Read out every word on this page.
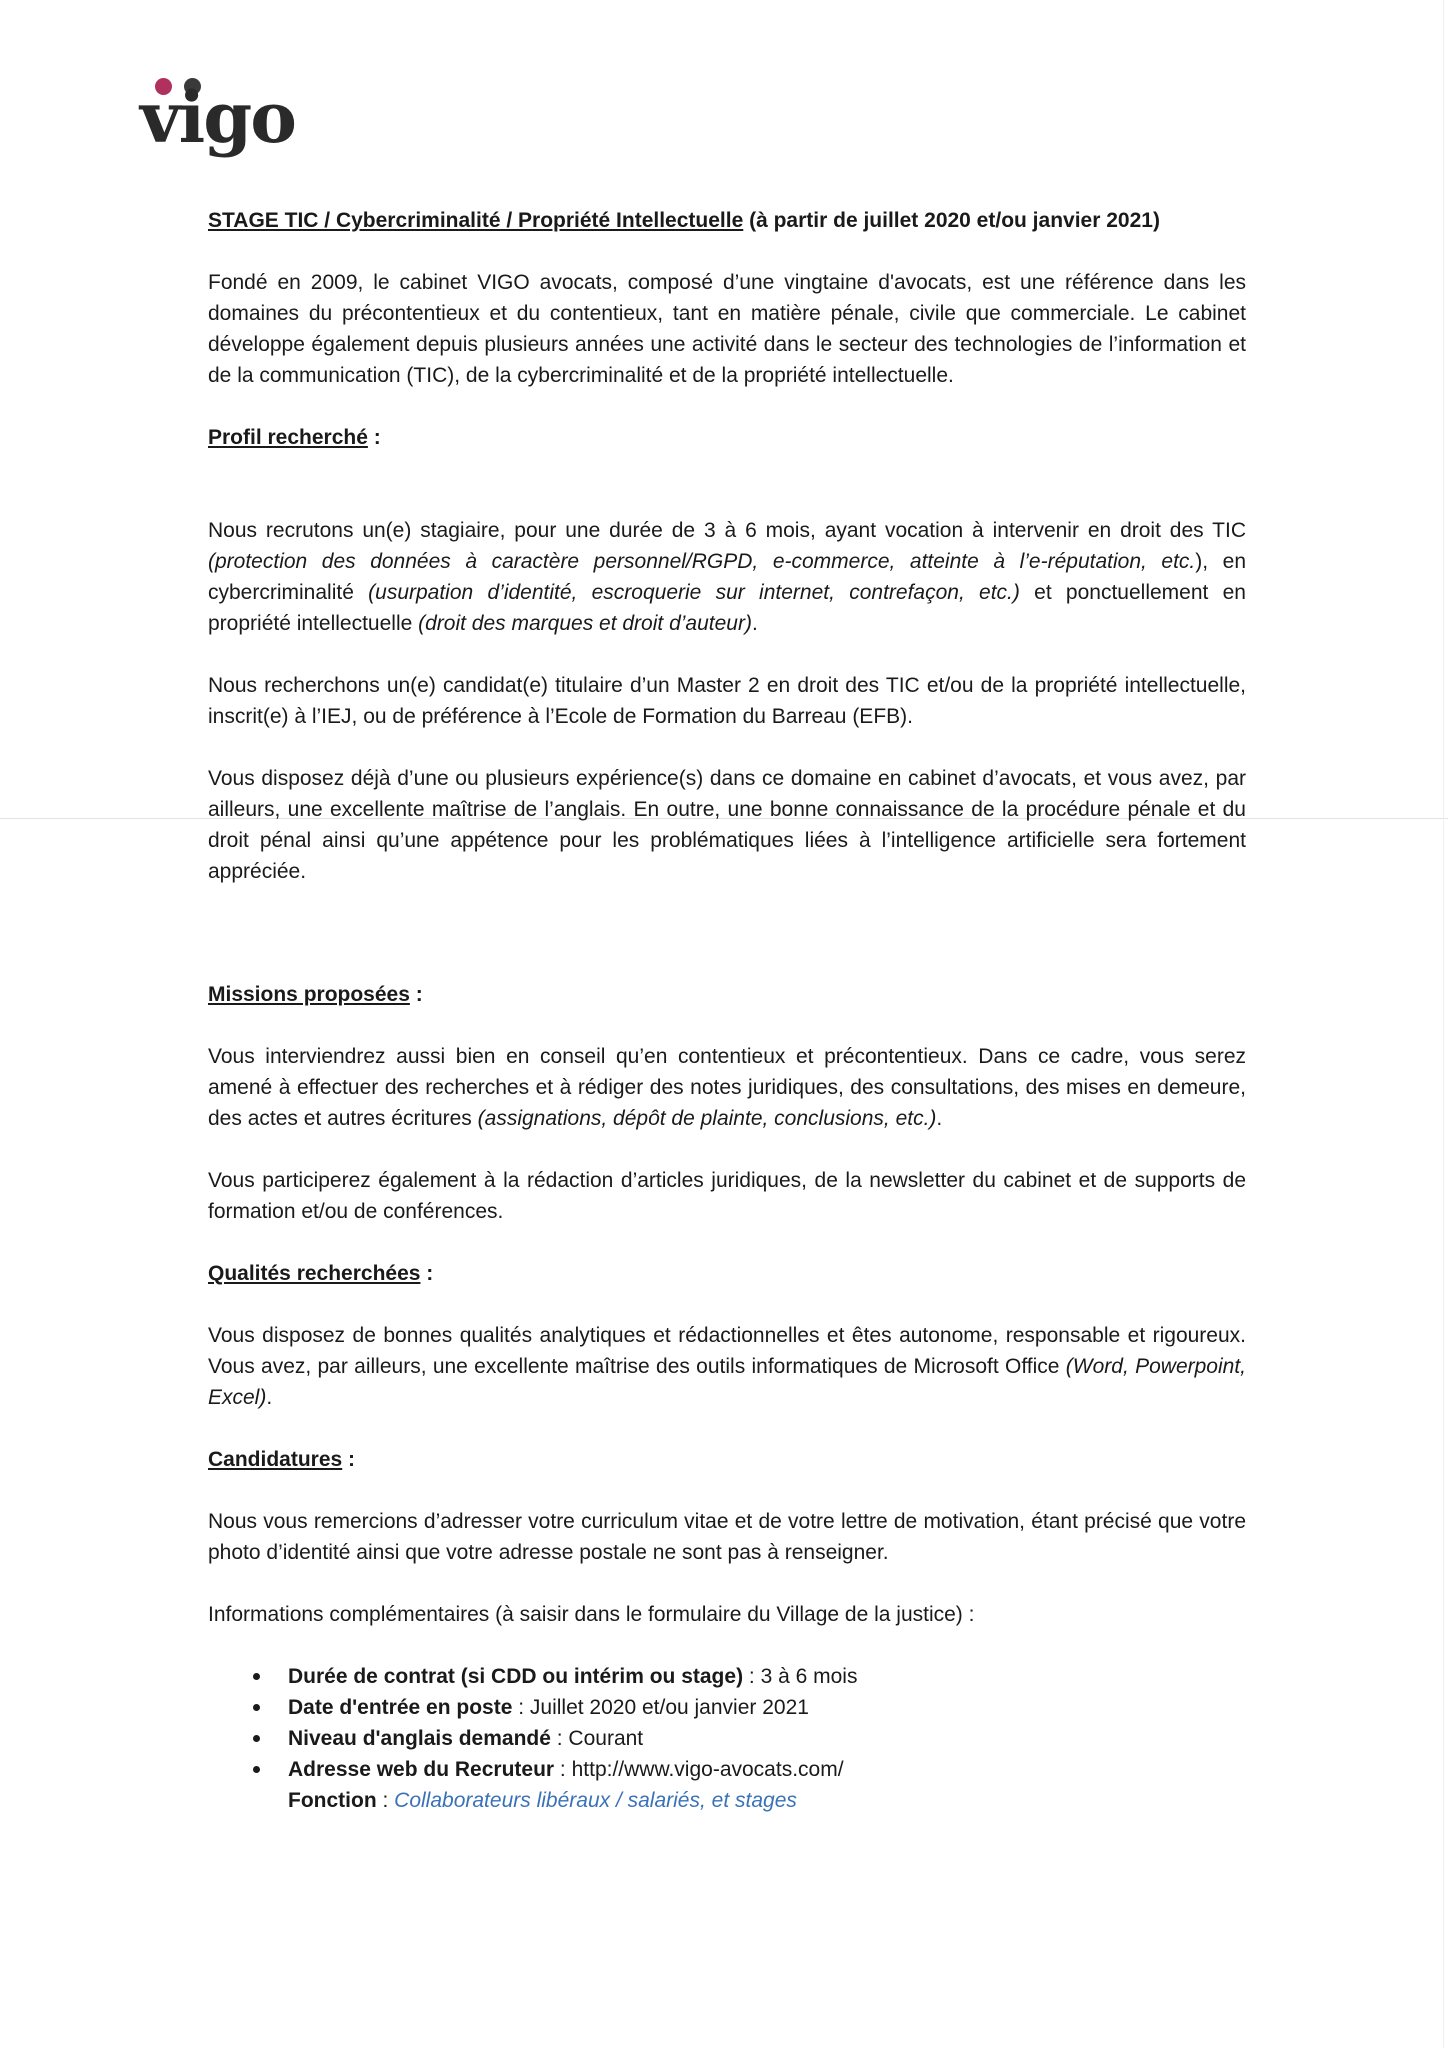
vigo

STAGE TIC / Cybercriminalité / Propriété Intellectuelle (à partir de juillet 2020 et/ou janvier 2021)

Fondé en 2009, le cabinet VIGO avocats, composé d’une vingtaine d'avocats, est une référence dans les domaines du précontentieux et du contentieux, tant en matière pénale, civile que commerciale. Le cabinet développe également depuis plusieurs années une activité dans le secteur des technologies de l’information et de la communication (TIC), de la cybercriminalité et de la propriété intellectuelle.

Profil recherché :

Nous recrutons un(e) stagiaire, pour une durée de 3 à 6 mois, ayant vocation à intervenir en droit des TIC (protection des données à caractère personnel/RGPD, e-commerce, atteinte à l’e-réputation, etc.), en cybercriminalité (usurpation d’identité, escroquerie sur internet, contrefaçon, etc.) et ponctuellement en propriété intellectuelle (droit des marques et droit d’auteur).

Nous recherchons un(e) candidat(e) titulaire d’un Master 2 en droit des TIC et/ou de la propriété intellectuelle, inscrit(e) à l’IEJ, ou de préférence à l’Ecole de Formation du Barreau (EFB).

Vous disposez déjà d’une ou plusieurs expérience(s) dans ce domaine en cabinet d’avocats, et vous avez, par ailleurs, une excellente maîtrise de l’anglais. En outre, une bonne connaissance de la procédure pénale et du droit pénal ainsi qu’une appétence pour les problématiques liées à l’intelligence artificielle sera fortement appréciée.

Missions proposées :

Vous interviendrez aussi bien en conseil qu’en contentieux et précontentieux. Dans ce cadre, vous serez amené à effectuer des recherches et à rédiger des notes juridiques, des consultations, des mises en demeure, des actes et autres écritures (assignations, dépôt de plainte, conclusions, etc.).

Vous participerez également à la rédaction d’articles juridiques, de la newsletter du cabinet et de supports de formation et/ou de conférences.

Qualités recherchées :

Vous disposez de bonnes qualités analytiques et rédactionnelles et êtes autonome, responsable et rigoureux. Vous avez, par ailleurs, une excellente maîtrise des outils informatiques de Microsoft Office (Word, Powerpoint, Excel).

Candidatures :

Nous vous remercions d’adresser votre curriculum vitae et de votre lettre de motivation, étant précisé que votre photo d’identité ainsi que votre adresse postale ne sont pas à renseigner.

Informations complémentaires (à saisir dans le formulaire du Village de la justice) :

Durée de contrat (si CDD ou intérim ou stage) : 3 à 6 mois
Date d'entrée en poste : Juillet 2020 et/ou janvier 2021
Niveau d'anglais demandé : Courant
Adresse web du Recruteur : http://www.vigo-avocats.com/
Fonction : Collaborateurs libéraux / salariés, et stages
